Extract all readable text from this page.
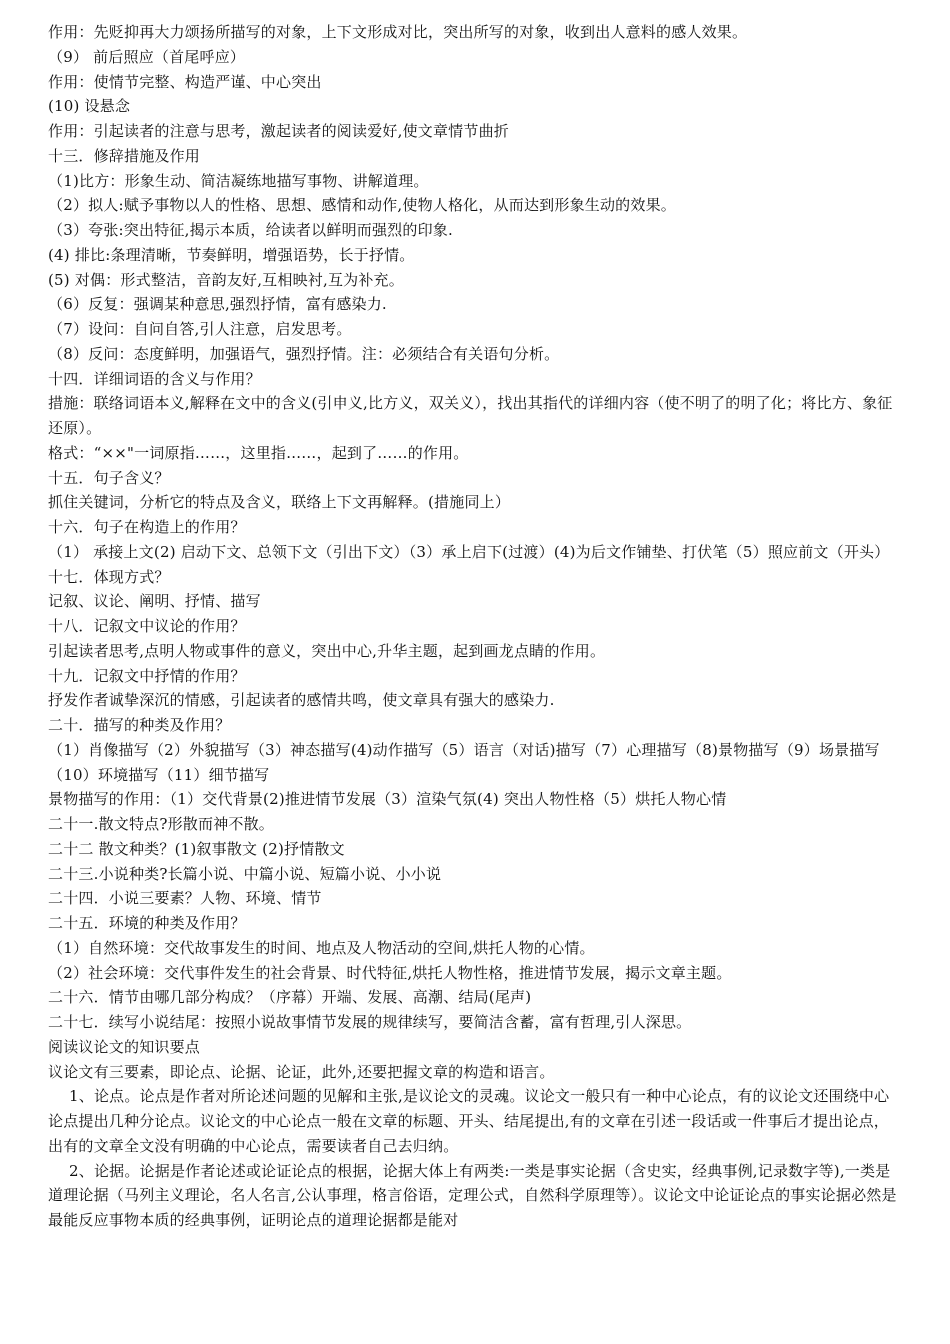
作用：先贬抑再大力颂扬所描写的对象，上下文形成对比，突出所写的对象，收到出人意料的感人效果。

（9） 前后照应（首尾呼应）

作用：使情节完整、构造严谨、中心突出

(10) 设悬念

作用：引起读者的注意与思考，激起读者的阅读爱好,使文章情节曲折

十三．修辞措施及作用

（1)比方：形象生动、简洁凝练地描写事物、讲解道理。

（2）拟人:赋予事物以人的性格、思想、感情和动作,使物人格化，从而达到形象生动的效果。

（3）夸张:突出特征,揭示本质，给读者以鲜明而强烈的印象.

(4) 排比:条理清晰，节奏鲜明，增强语势，长于抒情。

(5) 对偶：形式整洁，音韵友好,互相映衬,互为补充。

（6）反复：强调某种意思,强烈抒情，富有感染力.

（7）设问：自问自答,引人注意，启发思考。

（8）反问：态度鲜明，加强语气，强烈抒情。注：必须结合有关语句分析。

十四．详细词语的含义与作用？

措施：联络词语本义,解释在文中的含义(引申义,比方义，双关义），找出其指代的详细内容（使不明了的明了化；将比方、象征还原）。

格式：“××"一词原指……，这里指……，起到了……的作用。

十五．句子含义？

抓住关键词，分析它的特点及含义，联络上下文再解释。(措施同上）

十六．句子在构造上的作用？

（1） 承接上文(2) 启动下文、总领下文（引出下文）（3）承上启下(过渡）(4)为后文作铺垫、打伏笔（5）照应前文（开头）

十七．体现方式？

记叙、议论、阐明、抒情、描写

十八．记叙文中议论的作用？

引起读者思考,点明人物或事件的意义，突出中心,升华主题，起到画龙点睛的作用。

十九．记叙文中抒情的作用？

抒发作者诚挚深沉的情感，引起读者的感情共鸣，使文章具有强大的感染力.

二十．描写的种类及作用？

（1）肖像描写（2）外貌描写（3）神态描写(4)动作描写（5）语言（对话)描写（7）心理描写（8)景物描写（9）场景描写（10）环境描写（11）细节描写

景物描写的作用：（1）交代背景(2)推进情节发展（3）渲染气氛(4) 突出人物性格（5）烘托人物心情

二十一.散文特点?形散而神不散。

二十二 散文种类？(1)叙事散文 (2)抒情散文

二十三.小说种类?长篇小说、中篇小说、短篇小说、小小说

二十四．小说三要素？人物、环境、情节

二十五．环境的种类及作用？

（1）自然环境：交代故事发生的时间、地点及人物活动的空间,烘托人物的心情。

（2）社会环境：交代事件发生的社会背景、时代特征,烘托人物性格，推进情节发展，揭示文章主题。

二十六．情节由哪几部分构成？（序幕）开端、发展、高潮、结局(尾声)

二十七．续写小说结尾：按照小说故事情节发展的规律续写，要简洁含蓄，富有哲理,引人深思。

阅读议论文的知识要点

议论文有三要素，即论点、论据、论证，此外,还要把握文章的构造和语言。

1、论点。论点是作者对所论述问题的见解和主张,是议论文的灵魂。议论文一般只有一种中心论点，有的议论文还围绕中心论点提出几种分论点。议论文的中心论点一般在文章的标题、开头、结尾提出,有的文章在引述一段话或一件事后才提出论点，出有的文章全文没有明确的中心论点，需要读者自己去归纳。

2、论据。论据是作者论述或论证论点的根据，论据大体上有两类:一类是事实论据（含史实，经典事例,记录数字等),一类是道理论据（马列主义理论，名人名言,公认事理，格言俗语，定理公式，自然科学原理等）。议论文中论证论点的事实论据必然是最能反应事物本质的经典事例，证明论点的道理论据都是能对
